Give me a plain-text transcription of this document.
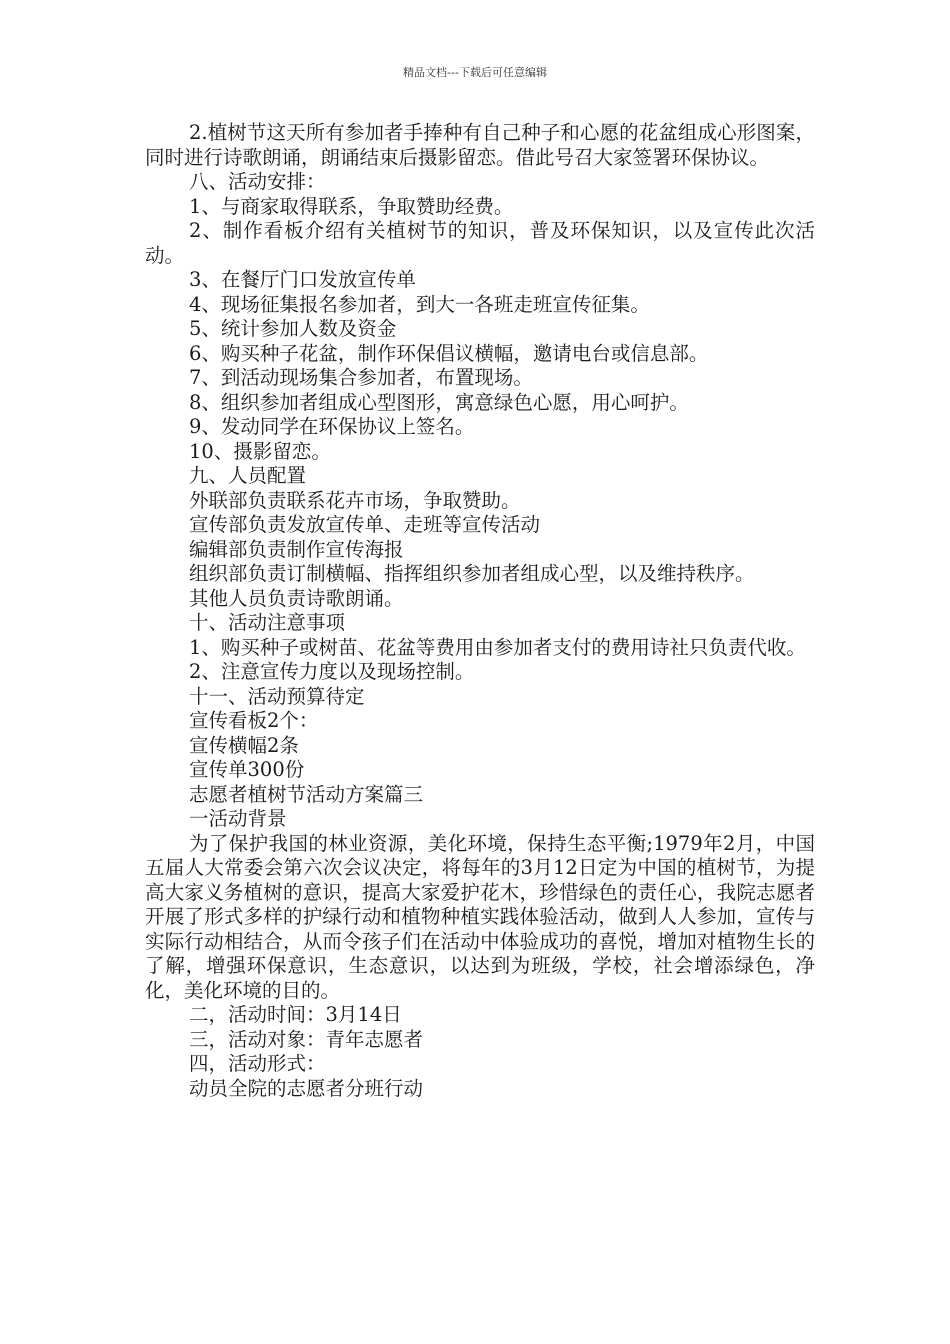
精品文档---下载后可任意编辑

2.植树节这天所有参加者手捧种有自己种子和心愿的花盆组成心形图案，同时进行诗歌朗诵，朗诵结束后摄影留恋。借此号召大家签署环保协议。

八、活动安排：

1、与商家取得联系，争取赞助经费。

2、制作看板介绍有关植树节的知识，普及环保知识，以及宣传此次活动。

3、在餐厅门口发放宣传单

4、现场征集报名参加者，到大一各班走班宣传征集。

5、统计参加人数及资金

6、购买种子花盆，制作环保倡议横幅，邀请电台或信息部。

7、到活动现场集合参加者，布置现场。

8、组织参加者组成心型图形，寓意绿色心愿，用心呵护。

9、发动同学在环保协议上签名。

10、摄影留恋。

九、人员配置

外联部负责联系花卉市场，争取赞助。

宣传部负责发放宣传单、走班等宣传活动

编辑部负责制作宣传海报

组织部负责订制横幅、指挥组织参加者组成心型，以及维持秩序。

其他人员负责诗歌朗诵。

十、活动注意事项

1、购买种子或树苗、花盆等费用由参加者支付的费用诗社只负责代收。

2、注意宣传力度以及现场控制。

十一、活动预算待定

宣传看板2个：

宣传横幅2条

宣传单300份

志愿者植树节活动方案篇三

一活动背景

为了保护我国的林业资源，美化环境，保持生态平衡;1979年2月，中国五届人大常委会第六次会议决定，将每年的3月12日定为中国的植树节，为提高大家义务植树的意识，提高大家爱护花木，珍惜绿色的责任心，我院志愿者开展了形式多样的护绿行动和植物种植实践体验活动，做到人人参加，宣传与实际行动相结合，从而令孩子们在活动中体验成功的喜悦，增加对植物生长的了解，增强环保意识，生态意识，以达到为班级，学校，社会增添绿色，净化，美化环境的目的。

二，活动时间：3月14日

三，活动对象：青年志愿者

四，活动形式：

动员全院的志愿者分班行动
